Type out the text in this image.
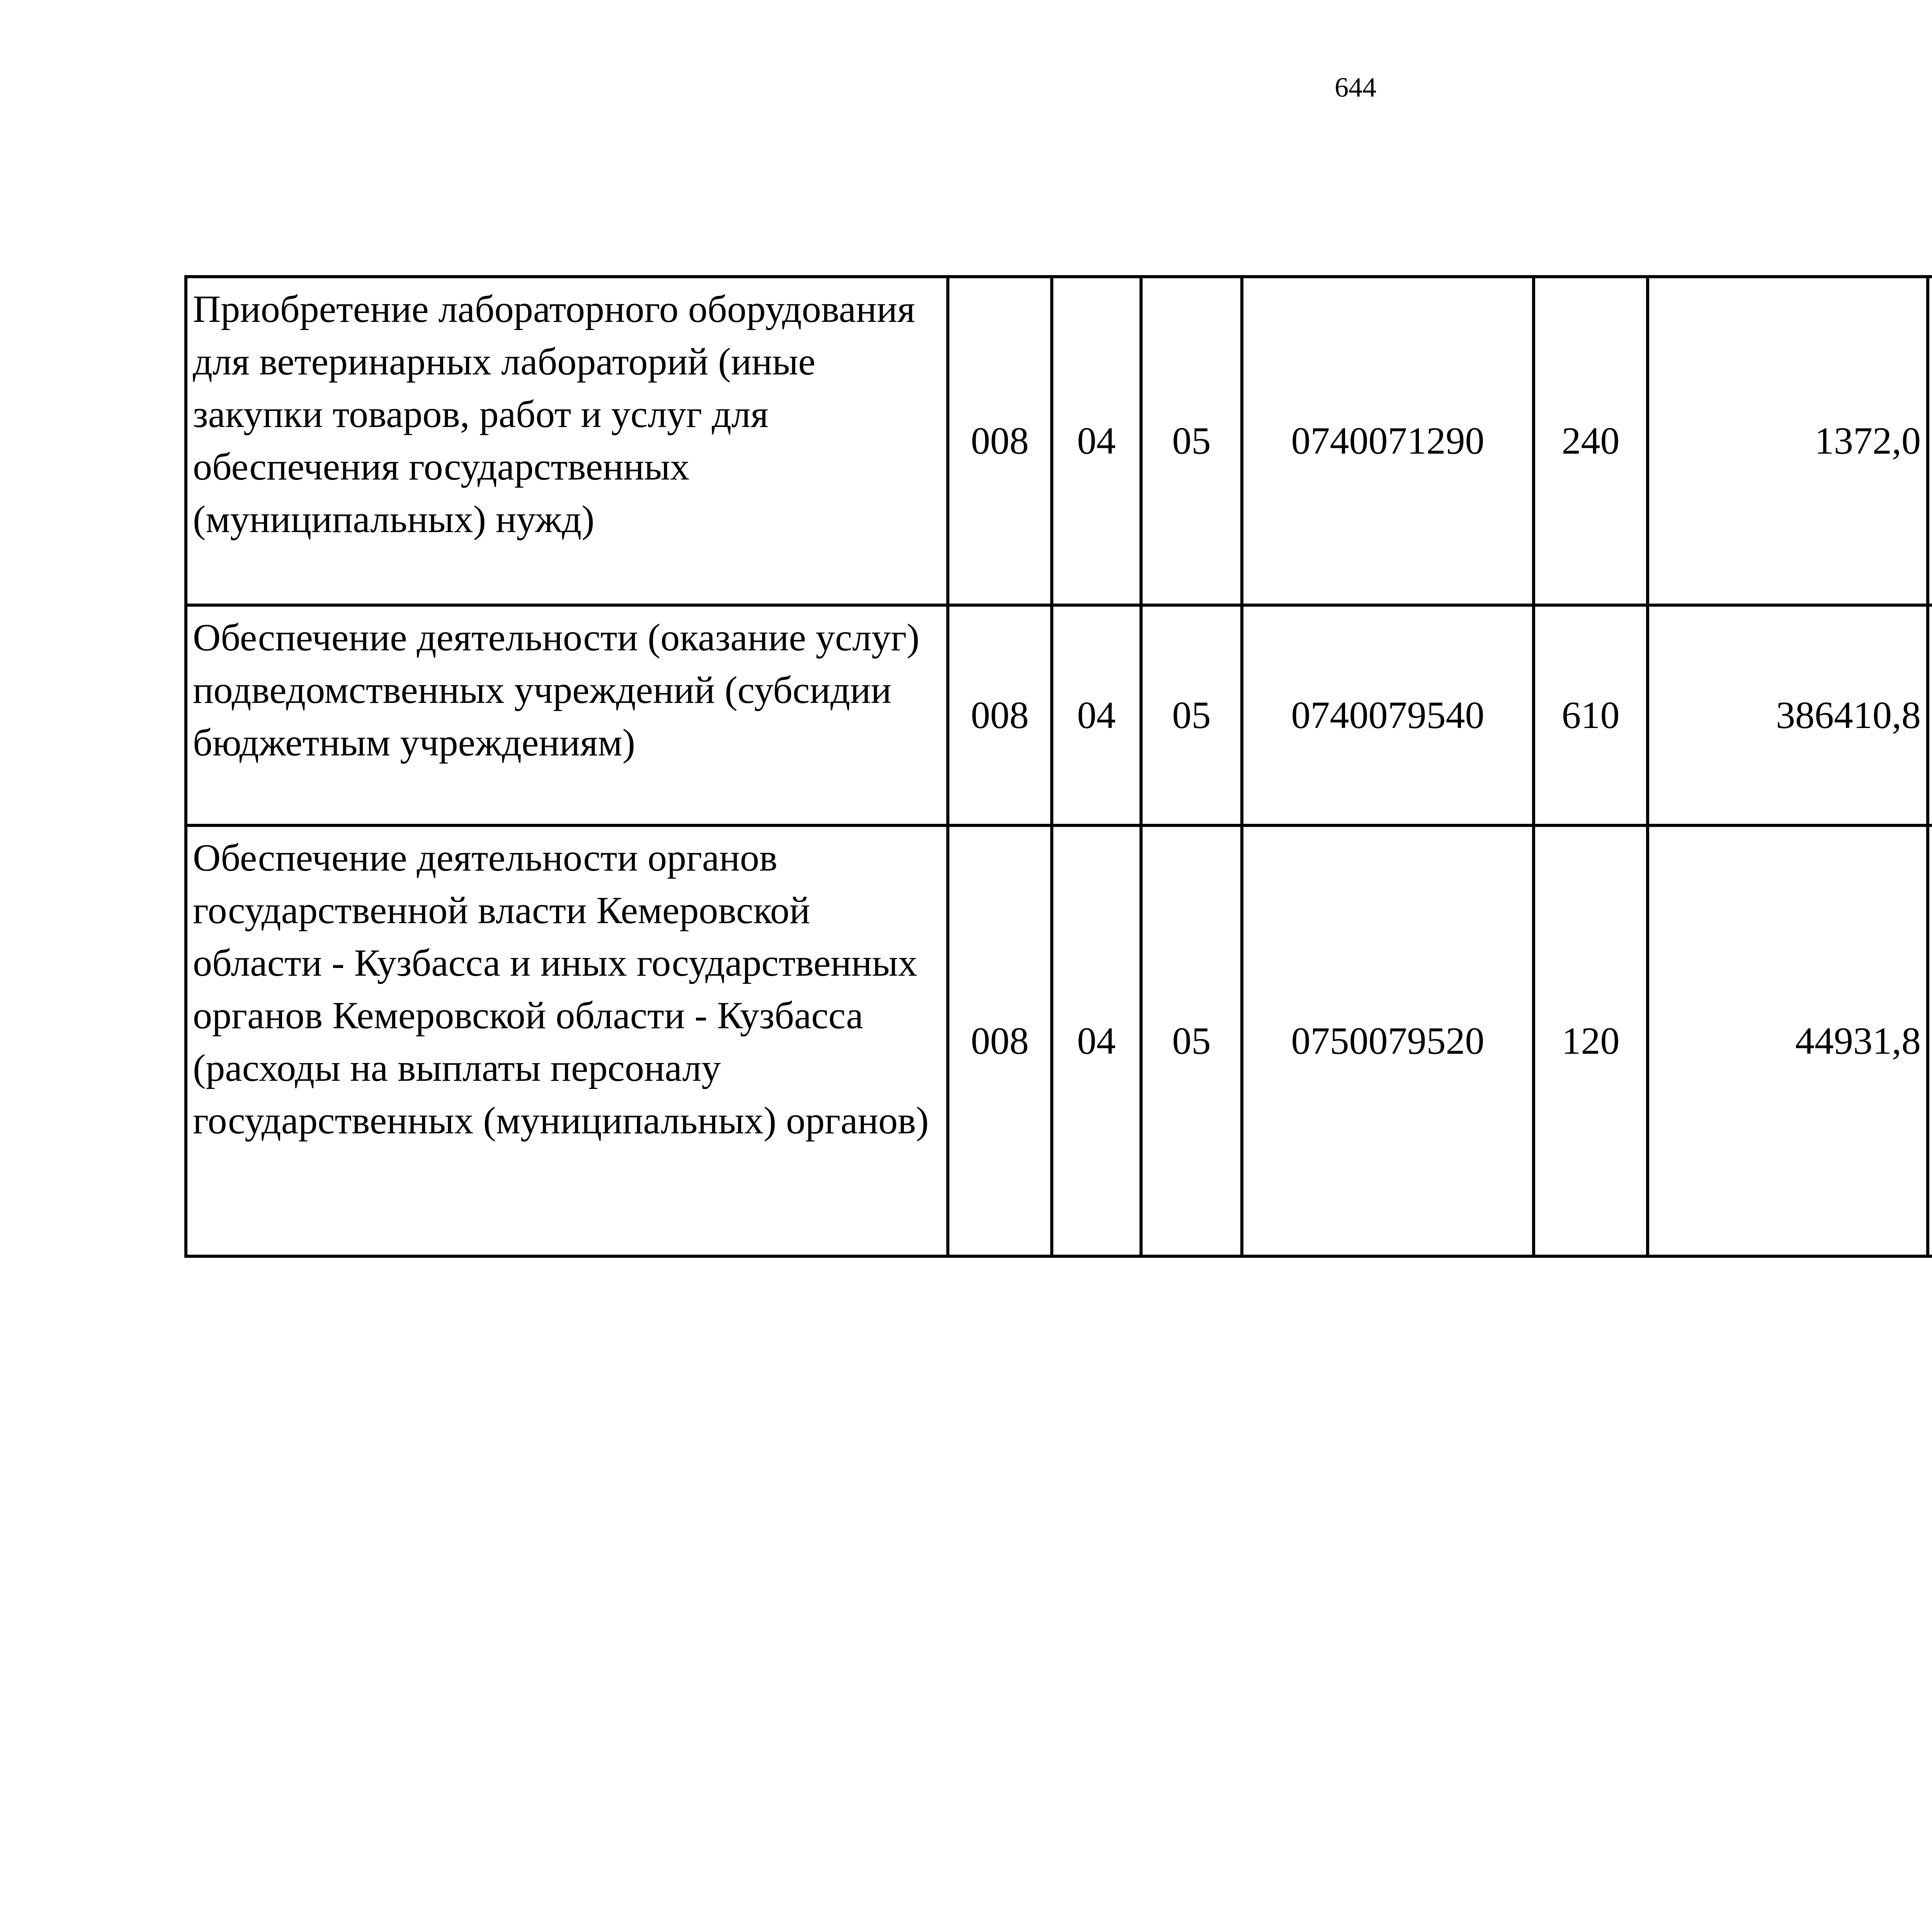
644
Приобретение лабораторного оборудования для ветеринарных лабораторий (иные закупки товаров, работ и услуг для обеспечения государственных (муниципальных) нужд)	008	04	05	0740071290	240	1372,0		
Обеспечение деятельности (оказание услуг) подведомственных учреждений (субсидии бюджетным учреждениям)	008	04	05	0740079540	610	386410,8		
Обеспечение деятельности органов государственной власти Кемеровской области - Кузбасса и иных государственных органов Кемеровской области - Кузбасса (расходы на выплаты персоналу государственных (муниципальных) органов)	008	04	05	0750079520	120	44931,8		
